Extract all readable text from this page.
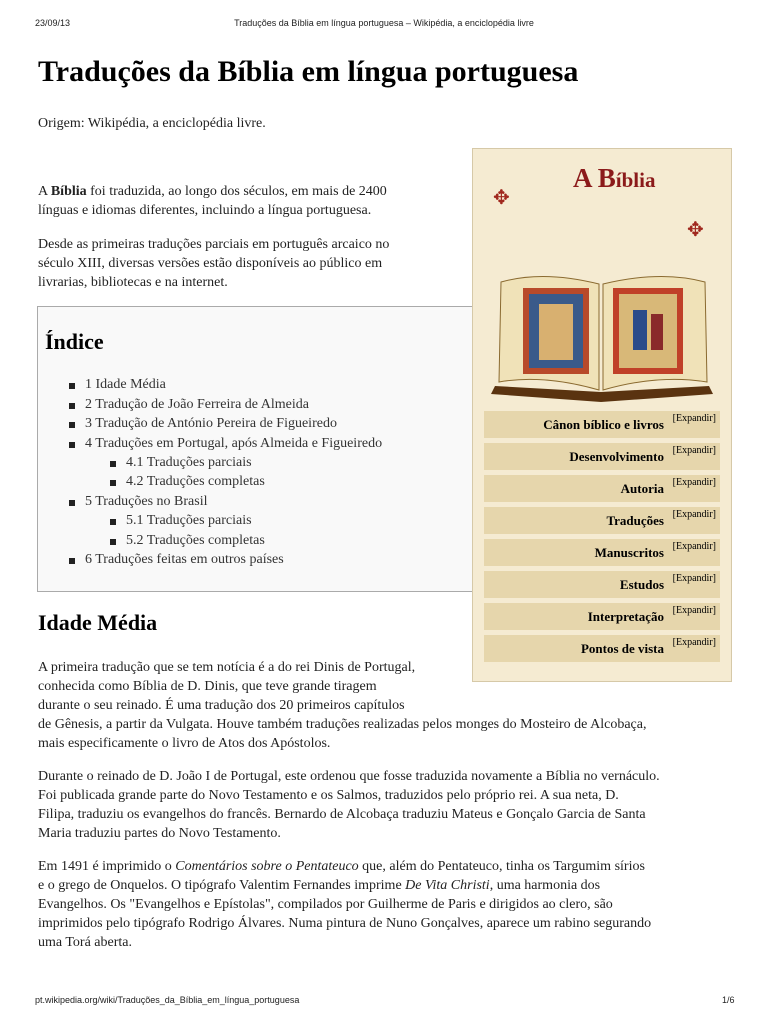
23/09/13	Traduções da Bíblia em língua portuguesa – Wikipédia, a enciclopédia livre
Traduções da Bíblia em língua portuguesa

Origem: Wikipédia, a enciclopédia livre.

A Bíblia foi traduzida, ao longo dos séculos, em mais de 2400

línguas e idiomas diferentes, incluindo a língua portuguesa.

Desde as primeiras traduções parciais em português arcaico no

século XIII, diversas versões estão disponíveis ao público em

livrarias, bibliotecas e na internet.

Índice
1 Idade Média
2 Tradução de João Ferreira de Almeida
3 Tradução de António Pereira de Figueiredo
4 Traduções em Portugal, após Almeida e Figueiredo
4.1 Traduções parciais
4.2 Traduções completas
5 Traduções no Brasil
5.1 Traduções parciais
5.2 Traduções completas
6 Traduções feitas em outros países
Idade Média

A primeira tradução que se tem notícia é a do rei Dinis de Portugal,

conhecida como Bíblia de D. Dinis, que teve grande tiragem

durante o seu reinado. É uma tradução dos 20 primeiros capítulos

de Gênesis, a partir da Vulgata. Houve também traduções realizadas pelos monges do Mosteiro de Alcobaça,

mais especificamente o livro de Atos dos Apóstolos.

Durante o reinado de D. João I de Portugal, este ordenou que fosse traduzida novamente a Bíblia no vernáculo.

Foi publicada grande parte do Novo Testamento e os Salmos, traduzidos pelo próprio rei. A sua neta, D.

Filipa, traduziu os evangelhos do francês. Bernardo de Alcobaça traduziu Mateus e Gonçalo Garcia de Santa

Maria traduziu partes do Novo Testamento.

Em 1491 é imprimido o Comentários sobre o Pentateuco que, além do Pentateuco, tinha os Targumim sírios

e o grego de Onquelos. O tipógrafo Valentim Fernandes imprime De Vita Christi, uma harmonia dos

Evangelhos. Os "Evangelhos e Epístolas", compilados por Guilherme de Paris e dirigidos ao clero, são

imprimidos pelo tipógrafo Rodrigo Álvares. Numa pintura de Nuno Gonçalves, aparece um rabino segurando

uma Torá aberta.

A Bíblia
✥
✥
Cânon bíblico e livros [Expandir]
Desenvolvimento [Expandir]
Autoria [Expandir]
Traduções [Expandir]
Manuscritos [Expandir]
Estudos [Expandir]
Interpretação [Expandir]
Pontos de vista [Expandir]
pt.wikipedia.org/wiki/Traduções_da_Bíblia_em_língua_portuguesa	1/6
